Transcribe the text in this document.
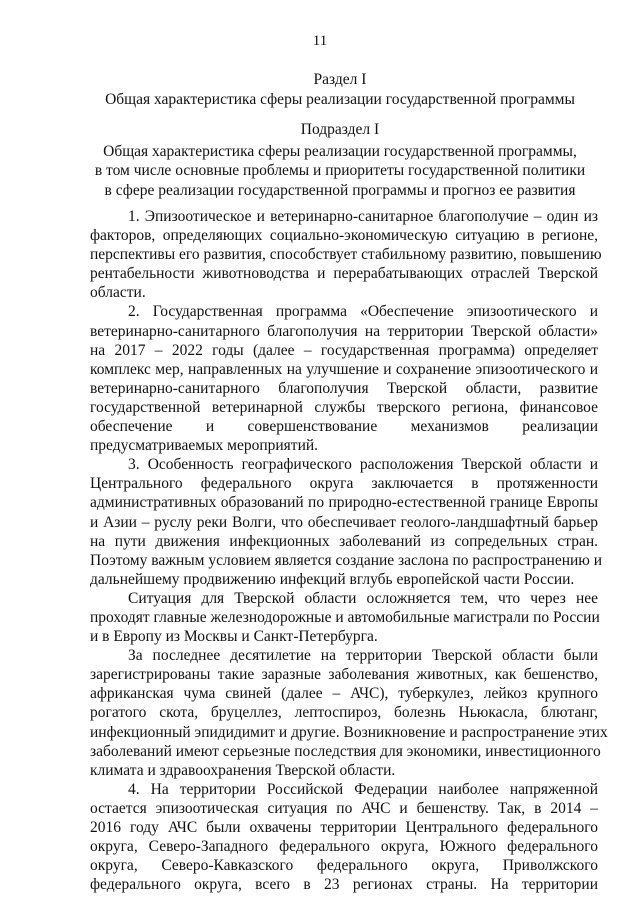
11
Раздел I
Общая характеристика сферы реализации государственной программы
Подраздел I
Общая характеристика сферы реализации государственной программы,
в том числе основные проблемы и приоритеты государственной политики
в сфере реализации государственной программы и прогноз ее развития

1. Эпизоотическое и ветеринарно-санитарное благополучие – один из
факторов, определяющих социально-экономическую ситуацию в регионе,
перспективы его развития, способствует стабильному развитию, повышению
рентабельности животноводства и перерабатывающих отраслей Тверской
области.

2. Государственная программа «Обеспечение эпизоотического и
ветеринарно-санитарного благополучия на территории Тверской области»
на 2017 – 2022 годы (далее – государственная программа) определяет
комплекс мер, направленных на улучшение и сохранение эпизоотического и
ветеринарно-санитарного благополучия Тверской области, развитие
государственной ветеринарной службы тверского региона, финансовое
обеспечение и совершенствование механизмов реализации
предусматриваемых мероприятий.

3. Особенность географического расположения Тверской области и
Центрального федерального округа заключается в протяженности
административных образований по природно-естественной границе Европы
и Азии – руслу реки Волги, что обеспечивает геолого-ландшафтный барьер
на пути движения инфекционных заболеваний из сопредельных стран.
Поэтому важным условием является создание заслона по распространению и
дальнейшему продвижению инфекций вглубь европейской части России.

Ситуация для Тверской области осложняется тем, что через нее
проходят главные железнодорожные и автомобильные магистрали по России
и в Европу из Москвы и Санкт-Петербурга.

За последнее десятилетие на территории Тверской области были
зарегистрированы такие заразные заболевания животных, как бешенство,
африканская чума свиней (далее – АЧС), туберкулез, лейкоз крупного
рогатого скота, бруцеллез, лептоспироз, болезнь Ньюкасла, блютанг,
инфекционный эпидидимит и другие. Возникновение и распространение этих
заболеваний имеют серьезные последствия для экономики, инвестиционного
климата и здравоохранения Тверской области.

4. На территории Российской Федерации наиболее напряженной
остается эпизоотическая ситуация по АЧС и бешенству. Так, в 2014 –
2016 году АЧС были охвачены территории Центрального федерального
округа, Северо-Западного федерального округа, Южного федерального
округа, Северо-Кавказского федерального округа, Приволжского
федерального округа, всего в 23 регионах страны. На территории
